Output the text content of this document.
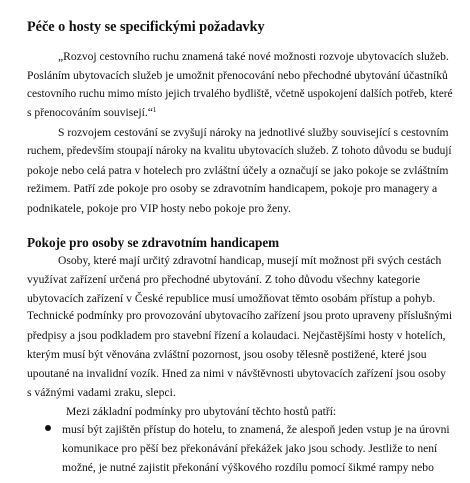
Péče o hosty se specifickými požadavky

„Rozvoj cestovního ruchu znamená také nové možnosti rozvoje ubytovacích služeb.

Posláním ubytovacích služeb je umožnit přenocování nebo přechodné ubytování účastníků

cestovního ruchu mimo místo jejich trvalého bydliště, včetně uspokojení dalších potřeb, které

s přenocováním souvisejí.“$^1$

S rozvojem cestování se zvyšují nároky na jednotlivé služby související s cestovním

ruchem, především stoupají nároky na kvalitu ubytovacích služeb. Z tohoto důvodu se budují

pokoje nebo celá patra v hotelech pro zvláštní účely a označují se jako pokoje se zvláštním

režimem. Patří zde pokoje pro osoby se zdravotním handicapem, pokoje pro managery a

podnikatele, pokoje pro VIP hosty nebo pokoje pro ženy.

Pokoje pro osoby se zdravotním handicapem

Osoby, které mají určitý zdravotní handicap, musejí mít možnost při svých cestách

využívat zařízení určená pro přechodné ubytování. Z toho důvodu všechny kategorie

ubytovacích zařízení v České republice musí umožňovat těmto osobám přístup a pohyb.

Technické podmínky pro provozování ubytovacího zařízení jsou proto upraveny příslušnými

předpisy a jsou podkladem pro stavební řízení a kolaudaci. Nejčastějšími hosty v hotelích,

kterým musí být věnována zvláštní pozornost, jsou osoby tělesně postižené, které jsou

upoutané na invalidní vozík. Hned za nimi v návštěvnosti ubytovacích zařízení jsou osoby

s vážnými vadami zraku, slepci.

Mezi základní podmínky pro ubytování těchto hostů patří:

musí být zajištěn přístup do hotelu, to znamená, že alespoň jeden vstup je na úrovni

komunikace pro pěší bez překonávání překážek jako jsou schody. Jestliže to není

možné, je nutné zajistit překonání výškového rozdílu pomocí šikmé rampy nebo
